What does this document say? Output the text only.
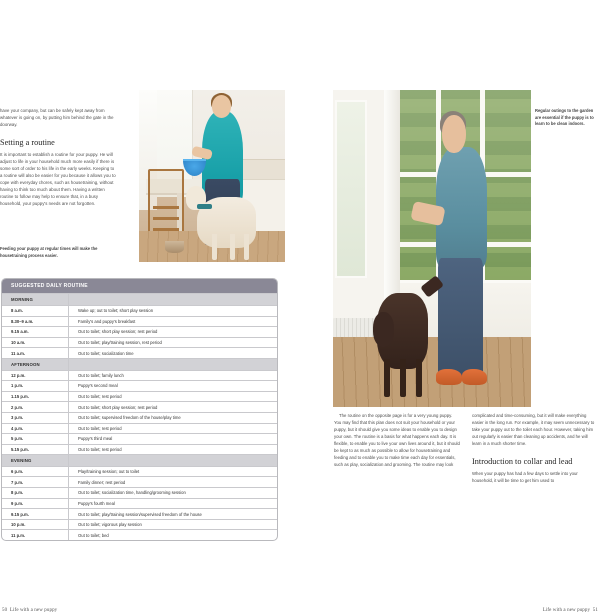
have your company, but can be safely kept away from whatever is going on, by putting him behind the gate in the doorway.
Setting a routine
It is important to establish a routine for your puppy. He will adjust to life in your household much more easily if there is some sort of order to his life in the early weeks. Keeping to a routine will also be easier for you because it allows you to cope with everyday chores, such as housetraining, without having to think too much about them. Having a written routine to follow may help to ensure that, in a busy household, your puppy's needs are not forgotten.
Feeding your puppy at regular times will make the housetraining process easier.
SUGGESTED DAILY ROUTINE
MORNING	
8 a.m.	Wake up; out to toilet; short play session
8.30–9 a.m.	Family's and puppy's breakfast
9.15 a.m.	Out to toilet; short play session; rest period
10 a.m.	Out to toilet; play/training session, rest period
11 a.m.	Out to toilet; socialization time
AFTERNOON	
12 p.m.	Out to toilet; family lunch
1 p.m.	Puppy's second meal
1.15 p.m.	Out to toilet; rest period
2 p.m.	Out to toilet; short play session; rest period
3 p.m.	Out to toilet; supervised freedom of the house/play time
4 p.m.	Out to toilet; rest period
5 p.m.	Puppy's third meal
5.15 p.m.	Out to toilet; rest period
EVENING	
6 p.m.	Play/training session; out to toilet
7 p.m.	Family dinner; rest period
8 p.m.	Out to toilet; socialization time, handling/grooming session
9 p.m.	Puppy's fourth meal
9.15 p.m.	Out to toilet; play/training session/supervised freedom of the house
10 p.m.	Out to toilet; vigorous play session
11 p.m.	Out to toilet; bed
50 Life with a new puppy
Regular outings to the garden are essential if the puppy is to learn to be clean indoors.

The routine on the opposite page is for a very young puppy. You may find that this plan does not suit your household or your puppy, but it should give you some ideas to enable you to design your own. The routine is a basis for what happens each day. It is flexible, to enable you to live your own lives around it, but it should be kept to as much as possible to allow for housetraining and feeding and to enable you to make time each day for essentials, such as play, socialization and grooming. The routine may look

complicated and time-consuming, but it will make everything easier in the long run. For example, it may seem unnecessary to take your puppy out to the toilet each hour. However, taking him out regularly is easier than cleaning up accidents, and he will learn in a much shorter time.

Introduction to collar and lead

When your puppy has had a few days to settle into your household, it will be time to get him used to

Life with a new puppy 51
